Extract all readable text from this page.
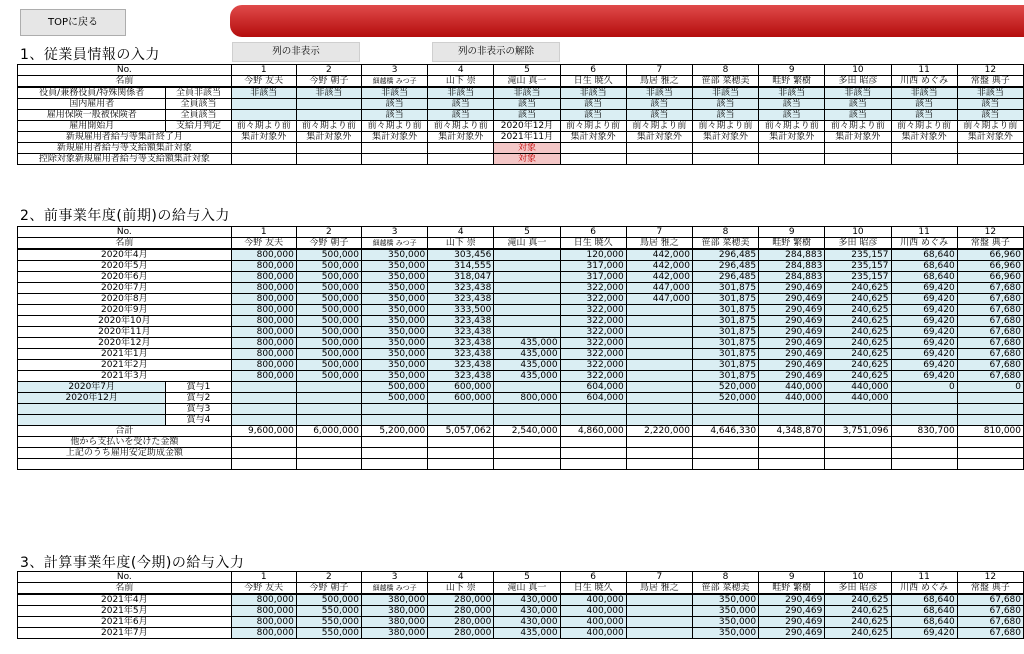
TOPに戻る
列の非表示	列の非表示の解除
1、従業員情報の入力
No.		1	2	3	4	5	6	7	8	9	10	11	12
名前		今野 友夫	今野 朝子	細越橋 みつ子	山下 崇	滝山 真一	日生 暁久	鳥居 雅之	笹部 菜穂美	畦野 繁樹	多田 昭彦	川西 めぐみ	常盤 典子
役員/兼務役員/特殊関係者	全員非該当	非該当	非該当	非該当	非該当	非該当	非該当	非該当	非該当	非該当	非該当	非該当	非該当
国内雇用者	全員該当			該当	該当	該当	該当	該当	該当	該当	該当	該当	該当
雇用保険一般被保険者	全員該当			該当	該当	該当	該当	該当	該当	該当	該当	該当	該当
雇用開始月	支給月判定	前々期より前	前々期より前	前々期より前	前々期より前	2020年12月	前々期より前	前々期より前	前々期より前	前々期より前	前々期より前	前々期より前	前々期より前
新規雇用者給与等集計終了月		集計対象外	集計対象外	集計対象外	集計対象外	2021年11月	集計対象外	集計対象外	集計対象外	集計対象外	集計対象外	集計対象外	集計対象外
新規雇用者給与等支給額集計対象						対象							
控除対象新規雇用者給与等支給額集計対象						対象							
2、前事業年度(前期)の給与入力
No.		1	2	3	4	5	6	7	8	9	10	11	12
名前		今野 友夫	今野 朝子	細越橋 みつ子	山下 崇	滝山 真一	日生 暁久	鳥居 雅之	笹部 菜穂美	畦野 繁樹	多田 昭彦	川西 めぐみ	常盤 典子
2020年4月		800,000	500,000	350,000	303,456		120,000	442,000	296,485	284,883	235,157	68,640	66,960
2020年5月		800,000	500,000	350,000	314,555		317,000	442,000	296,485	284,883	235,157	68,640	66,960
2020年6月		800,000	500,000	350,000	318,047		317,000	442,000	296,485	284,883	235,157	68,640	66,960
2020年7月		800,000	500,000	350,000	323,438		322,000	447,000	301,875	290,469	240,625	69,420	67,680
2020年8月		800,000	500,000	350,000	323,438		322,000	447,000	301,875	290,469	240,625	69,420	67,680
2020年9月		800,000	500,000	350,000	333,500		322,000		301,875	290,469	240,625	69,420	67,680
2020年10月		800,000	500,000	350,000	323,438		322,000		301,875	290,469	240,625	69,420	67,680
2020年11月		800,000	500,000	350,000	323,438		322,000		301,875	290,469	240,625	69,420	67,680
2020年12月		800,000	500,000	350,000	323,438	435,000	322,000		301,875	290,469	240,625	69,420	67,680
2021年1月		800,000	500,000	350,000	323,438	435,000	322,000		301,875	290,469	240,625	69,420	67,680
2021年2月		800,000	500,000	350,000	323,438	435,000	322,000		301,875	290,469	240,625	69,420	67,680
2021年3月		800,000	500,000	350,000	323,438	435,000	322,000		301,875	290,469	240,625	69,420	67,680
2020年7月	賞与1			500,000	600,000		604,000		520,000	440,000	440,000	0	0
2020年12月	賞与2			500,000	600,000	800,000	604,000		520,000	440,000	440,000		
	賞与3												
	賞与4												
合計		9,600,000	6,000,000	5,200,000	5,057,062	2,540,000	4,860,000	2,220,000	4,646,330	4,348,870	3,751,096	830,700	810,000
他から支払いを受けた金額													
上記のうち雇用安定助成金額													

3、計算事業年度(今期)の給与入力
No.	1	2	3	4	5	6	7	8	9	10	11	12
名前	今野 友夫	今野 朝子	細越橋 みつ子	山下 崇	滝山 真一	日生 暁久	鳥居 雅之	笹部 菜穂美	畦野 繁樹	多田 昭彦	川西 めぐみ	常盤 典子
2021年4月	800,000	500,000	380,000	280,000	430,000	400,000		350,000	290,469	240,625	68,640	67,680
2021年5月	800,000	550,000	380,000	280,000	430,000	400,000		350,000	290,469	240,625	68,640	67,680
2021年6月	800,000	550,000	380,000	280,000	430,000	400,000		350,000	290,469	240,625	68,640	67,680
2021年7月	800,000	550,000	380,000	280,000	435,000	400,000		350,000	290,469	240,625	69,420	67,680
